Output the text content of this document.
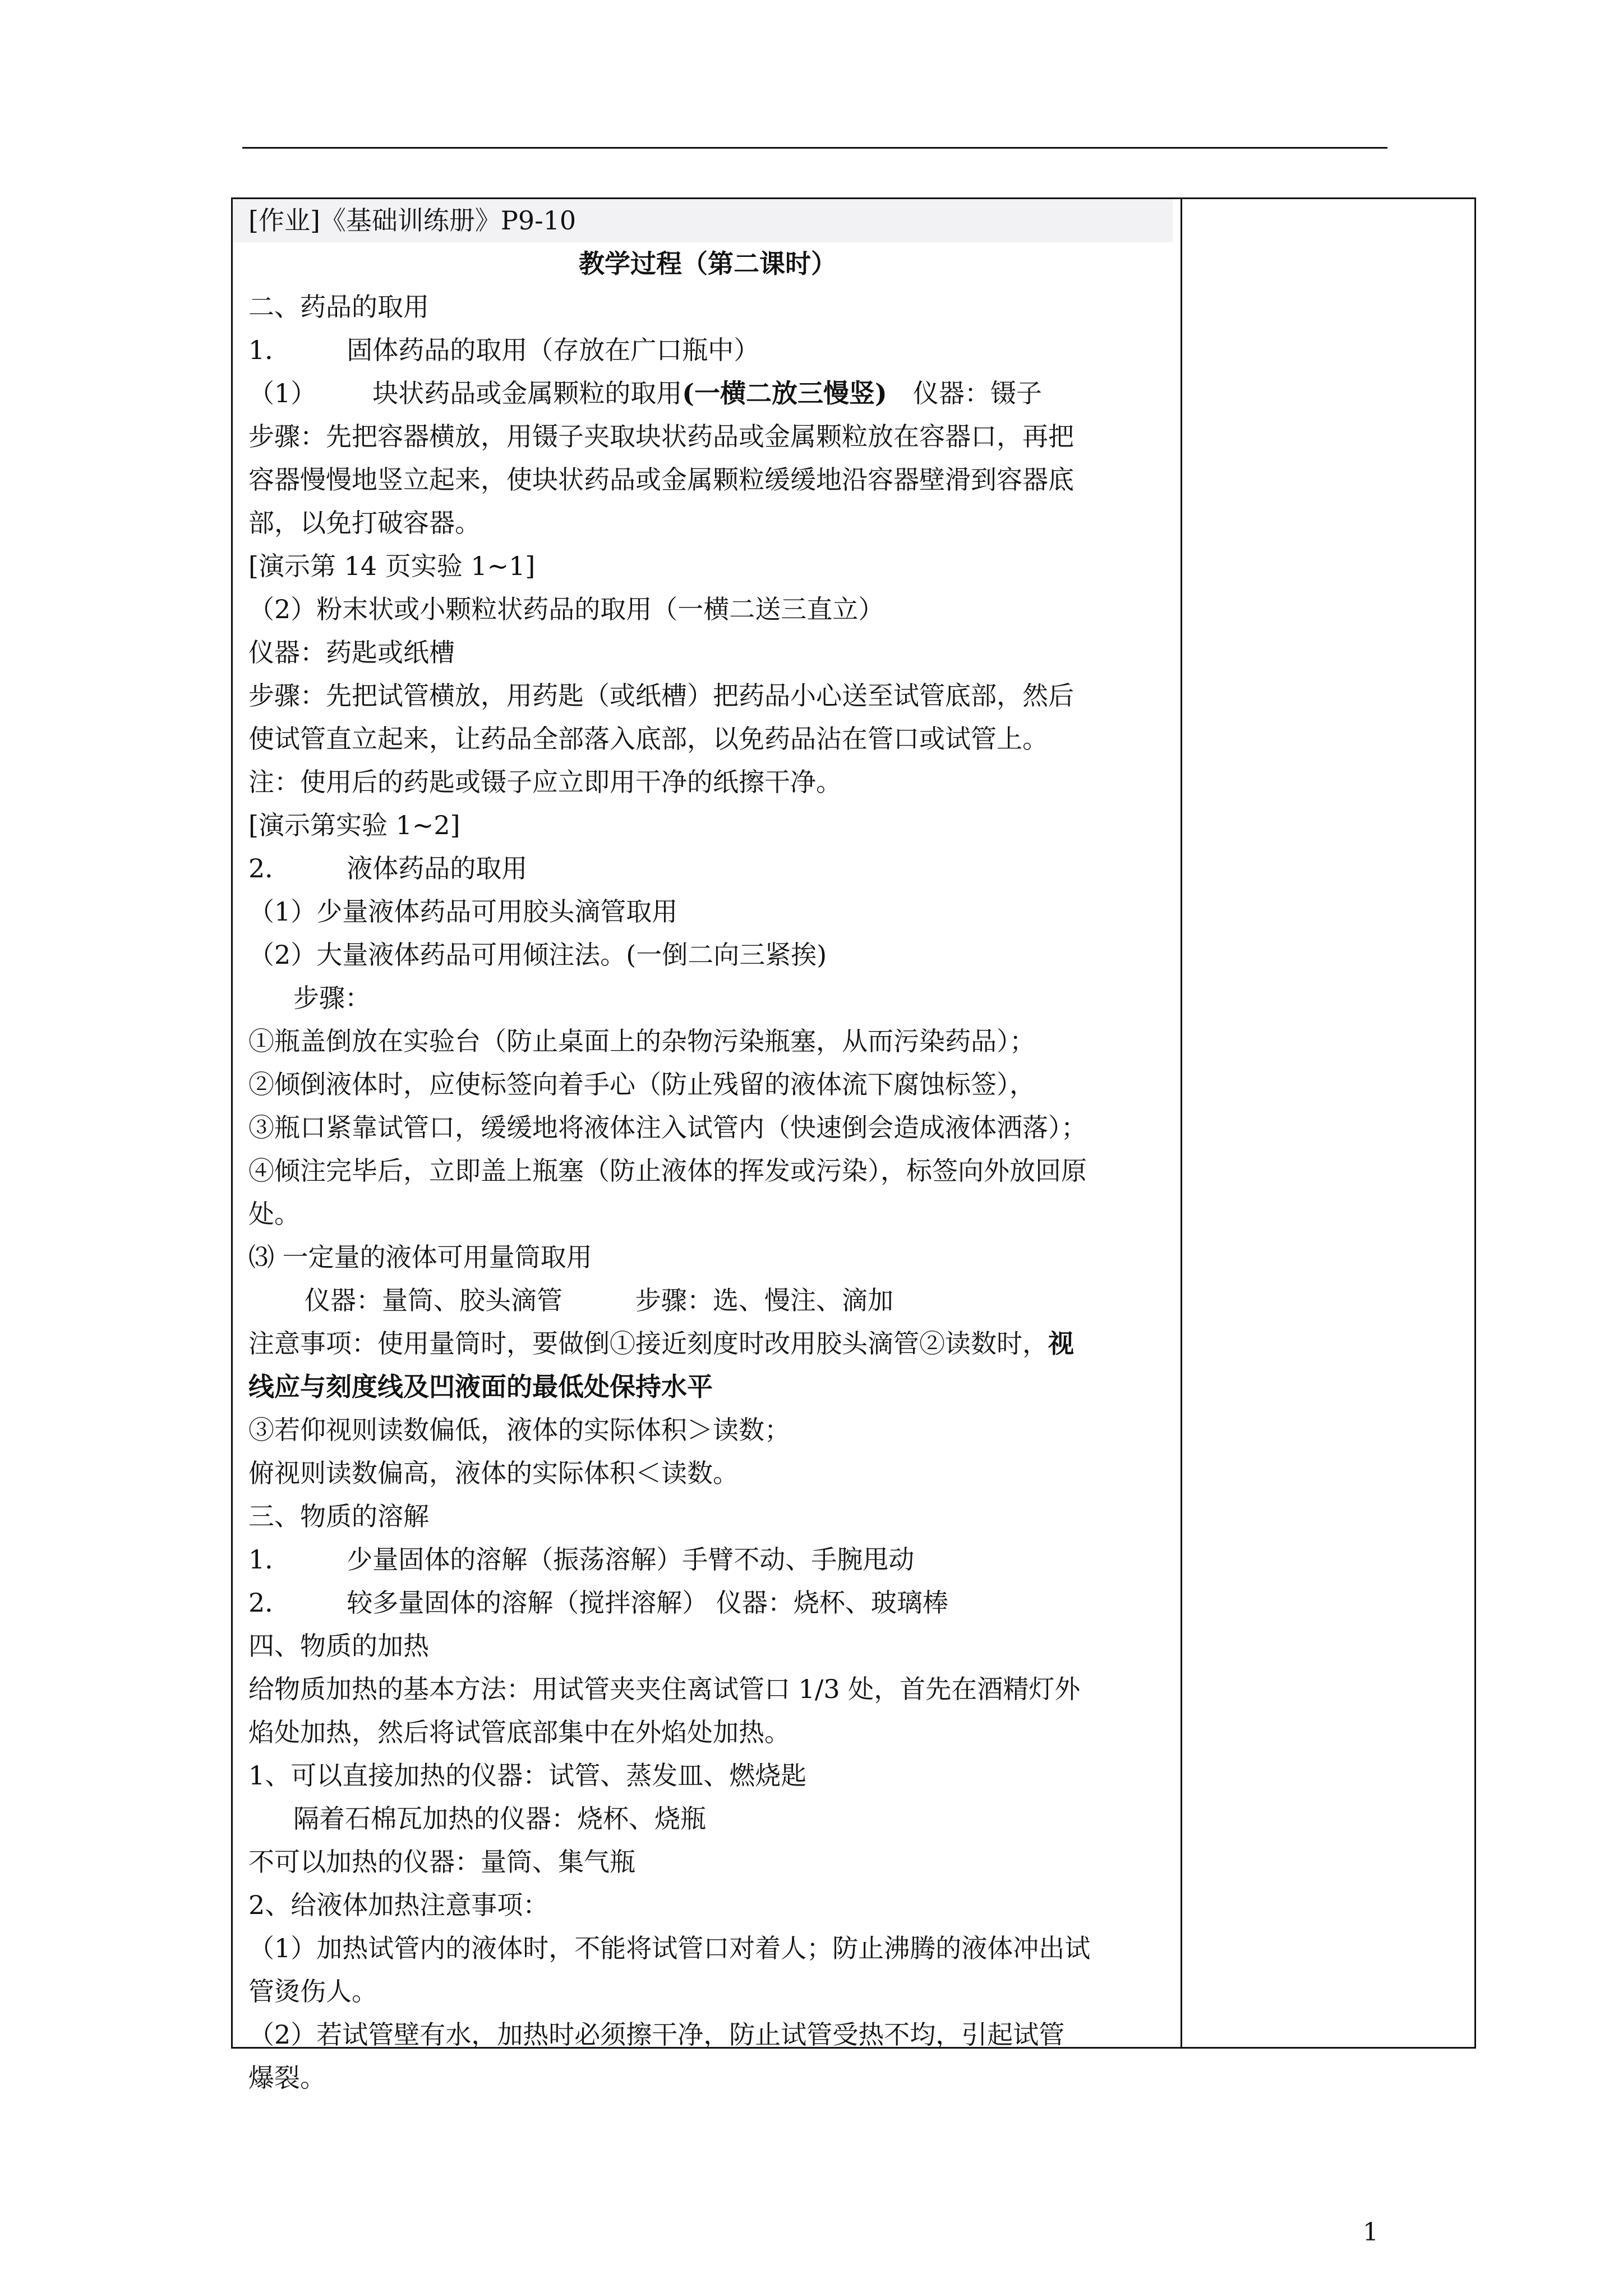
[作业]《基础训练册》P9-10
教学过程（第二课时）
二、药品的取用
1． 固体药品的取用（存放在广口瓶中）
（1） 块状药品或金属颗粒的取用(一横二放三慢竖) 仪器：镊子
步骤：先把容器横放，用镊子夹取块状药品或金属颗粒放在容器口，再把
容器慢慢地竖立起来，使块状药品或金属颗粒缓缓地沿容器壁滑到容器底
部，以免打破容器。
[演示第 14 页实验 1~1]
（2）粉末状或小颗粒状药品的取用（一横二送三直立）
仪器：药匙或纸槽
步骤：先把试管横放，用药匙（或纸槽）把药品小心送至试管底部，然后
使试管直立起来，让药品全部落入底部，以免药品沾在管口或试管上。
注：使用后的药匙或镊子应立即用干净的纸擦干净。
[演示第实验 1~2]
2． 液体药品的取用
（1）少量液体药品可用胶头滴管取用
（2）大量液体药品可用倾注法。(一倒二向三紧挨)
步骤：
①瓶盖倒放在实验台（防止桌面上的杂物污染瓶塞，从而污染药品）；
②倾倒液体时，应使标签向着手心（防止残留的液体流下腐蚀标签），
③瓶口紧靠试管口，缓缓地将液体注入试管内（快速倒会造成液体洒落）；
④倾注完毕后，立即盖上瓶塞（防止液体的挥发或污染），标签向外放回原
处。
⑶ 一定量的液体可用量筒取用
仪器：量筒、胶头滴管	步骤：选、慢注、滴加
注意事项：使用量筒时，要做倒①接近刻度时改用胶头滴管②读数时，视
线应与刻度线及凹液面的最低处保持水平
③若仰视则读数偏低，液体的实际体积＞读数；
俯视则读数偏高，液体的实际体积＜读数。
三、物质的溶解
1． 少量固体的溶解（振荡溶解）手臂不动、手腕甩动
2． 较多量固体的溶解（搅拌溶解） 仪器：烧杯、玻璃棒
四、物质的加热
给物质加热的基本方法：用试管夹夹住离试管口 1/3 处，首先在酒精灯外
焰处加热，然后将试管底部集中在外焰处加热。
1、可以直接加热的仪器：试管、蒸发皿、燃烧匙
隔着石棉瓦加热的仪器：烧杯、烧瓶
不可以加热的仪器：量筒、集气瓶
2、给液体加热注意事项：
（1）加热试管内的液体时，不能将试管口对着人；防止沸腾的液体冲出试
管烫伤人。
（2）若试管壁有水，加热时必须擦干净，防止试管受热不均，引起试管
爆裂。
1
